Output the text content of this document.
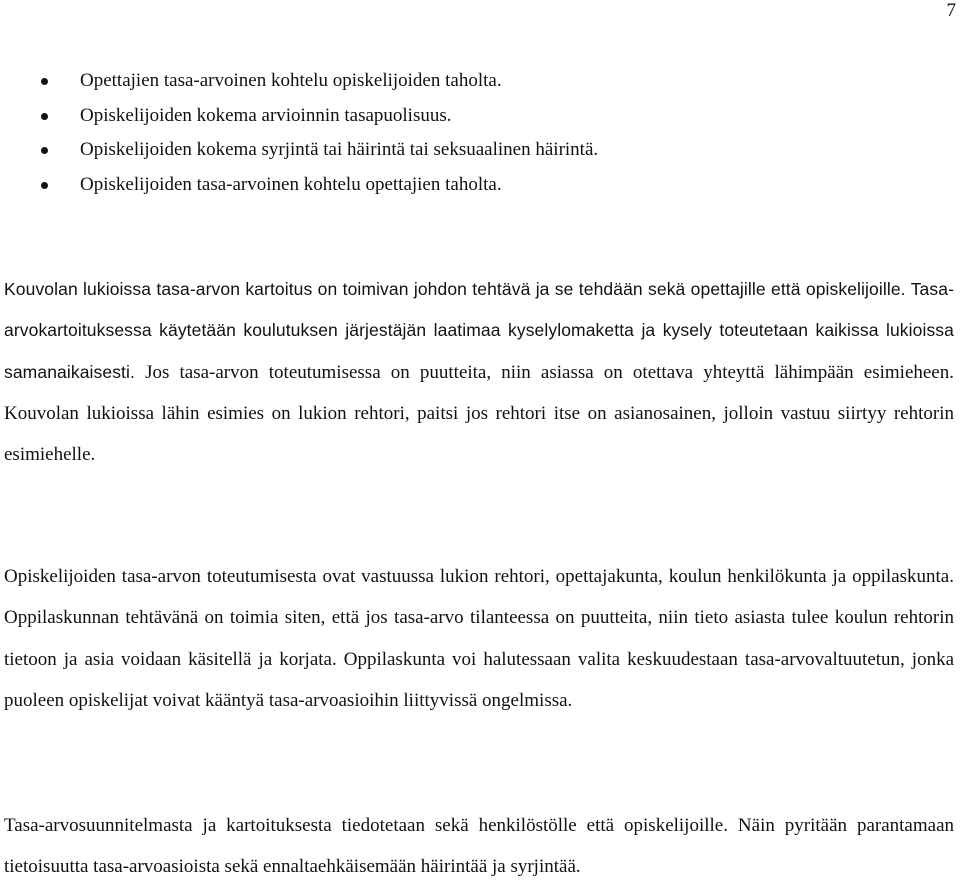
7
Opettajien tasa-arvoinen kohtelu opiskelijoiden taholta.
Opiskelijoiden kokema arvioinnin tasapuolisuus.
Opiskelijoiden kokema syrjintä tai häirintä tai seksuaalinen häirintä.
Opiskelijoiden tasa-arvoinen kohtelu opettajien taholta.

Kouvolan lukioissa tasa-arvon kartoitus on toimivan johdon tehtävä ja se tehdään sekä opettajille että opiskelijoille. Tasa-arvokartoituksessa käytetään koulutuksen järjestäjän laatimaa kyselylomaketta ja kysely toteutetaan kaikissa lukioissa samanaikaisesti. Jos tasa-arvon toteutumisessa on puutteita, niin asiassa on otettava yhteyttä lähimpään esimieheen. Kouvolan lukioissa lähin esimies on lukion rehtori, paitsi jos rehtori itse on asianosainen, jolloin vastuu siirtyy rehtorin esimiehelle.

Opiskelijoiden tasa-arvon toteutumisesta ovat vastuussa lukion rehtori, opettajakunta, koulun henkilökunta ja oppilaskunta. Oppilaskunnan tehtävänä on toimia siten, että jos tasa-arvo tilanteessa on puutteita, niin tieto asiasta tulee koulun rehtorin tietoon ja asia voidaan käsitellä ja korjata. Oppilaskunta voi halutessaan valita keskuudestaan tasa-arvovaltuutetun, jonka puoleen opiskelijat voivat kääntyä tasa-arvoasioihin liittyvissä ongelmissa.

Tasa-arvosuunnitelmasta ja kartoituksesta tiedotetaan sekä henkilöstölle että opiskelijoille. Näin pyritään parantamaan tietoisuutta tasa-arvoasioista sekä ennaltaehkäisemään häirintää ja syrjintää.
